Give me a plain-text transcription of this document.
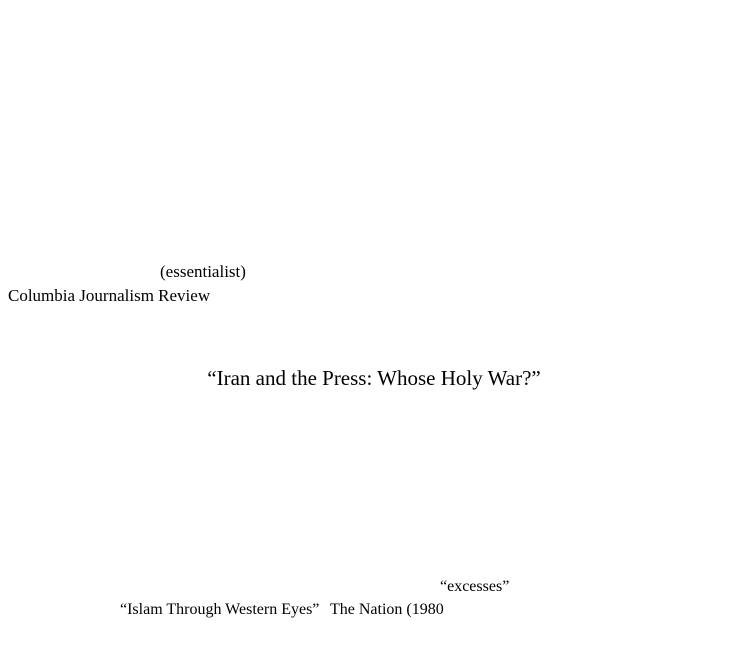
(essentialist)
Columbia Journalism Review
“Iran and the Press: Whose Holy War?”
“excesses”
The Nation (1980
“Islam Through Western Eyes”
